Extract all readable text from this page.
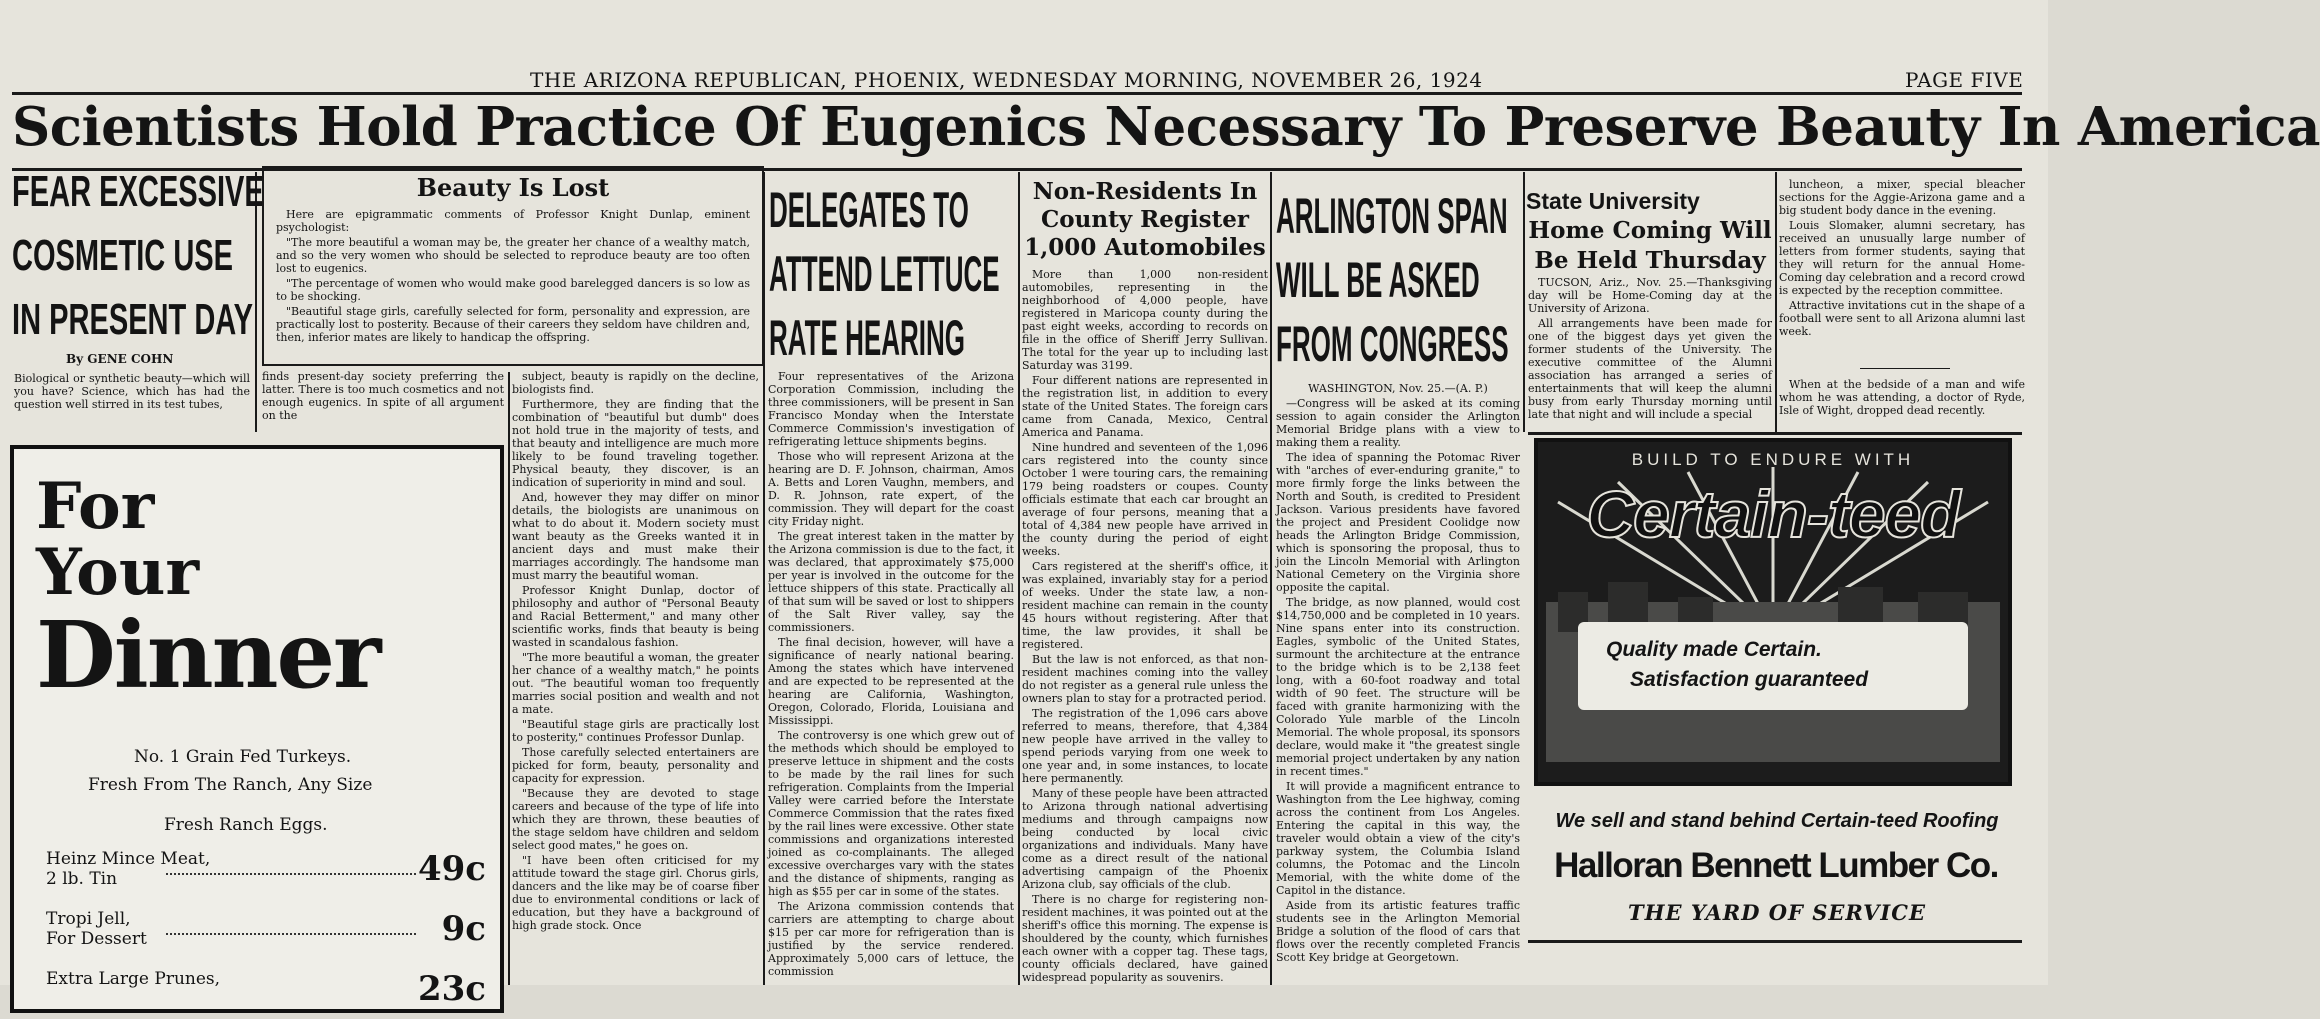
THE ARIZONA REPUBLICAN, PHOENIX, WEDNESDAY MORNING, NOVEMBER 26, 1924	PAGE FIVE
Scientists Hold Practice Of Eugenics Necessary To Preserve Beauty In America
FEAR EXCESSIVE
COSMETIC USE
IN PRESENT DAY
By GENE COHN
Biological or synthetic beauty—which will you have? Science, which has had the question well stirred in its test tubes,
Beauty Is Lost

Here are epigrammatic comments of Professor Knight Dunlap, eminent psychologist:

"The more beautiful a woman may be, the greater her chance of a wealthy match, and so the very women who should be selected to reproduce beauty are too often lost to eugenics.

"The percentage of women who would make good barelegged dancers is so low as to be shocking.

"Beautiful stage girls, carefully selected for form, personality and expression, are practically lost to posterity. Because of their careers they seldom have children and, then, inferior mates are likely to handicap the offspring.

finds present-day society preferring the latter. There is too much cosmetics and not enough eugenics. In spite of all argument on the

subject, beauty is rapidly on the decline, biologists find.

Furthermore, they are finding that the combination of "beautiful but dumb" does not hold true in the majority of tests, and that beauty and intelligence are much more likely to be found traveling together. Physical beauty, they discover, is an indication of superiority in mind and soul.

And, however they may differ on minor details, the biologists are unanimous on what to do about it. Modern society must want beauty as the Greeks wanted it in ancient days and must make their marriages accordingly. The handsome man must marry the beautiful woman.

Professor Knight Dunlap, doctor of philosophy and author of "Personal Beauty and Racial Betterment," and many other scientific works, finds that beauty is being wasted in scandalous fashion.

"The more beautiful a woman, the greater her chance of a wealthy match," he points out. "The beautiful woman too frequently marries social position and wealth and not a mate.

"Beautiful stage girls are practically lost to posterity," continues Professor Dunlap.

Those carefully selected entertainers are picked for form, beauty, personality and capacity for expression.

"Because they are devoted to stage careers and because of the type of life into which they are thrown, these beauties of the stage seldom have children and seldom select good mates," he goes on.

"I have been often criticised for my attitude toward the stage girl. Chorus girls, dancers and the like may be of coarse fiber due to environmental conditions or lack of education, but they have a background of high grade stock. Once

For
Your
Dinner
No. 1 Grain Fed Turkeys.
Fresh From The Ranch, Any Size
Fresh Ranch Eggs.
Heinz Mince Meat,
2 lb. Tin	49c
Tropi Jell,
For Dessert	9c
Extra Large Prunes,	23c
DELEGATES TO
ATTEND LETTUCE
RATE HEARING

Four representatives of the Arizona Corporation Commission, including the three commissioners, will be present in San Francisco Monday when the Interstate Commerce Commission's investigation of refrigerating lettuce shipments begins.

Those who will represent Arizona at the hearing are D. F. Johnson, chairman, Amos A. Betts and Loren Vaughn, members, and D. R. Johnson, rate expert, of the commission. They will depart for the coast city Friday night.

The great interest taken in the matter by the Arizona commission is due to the fact, it was declared, that approximately $75,000 per year is involved in the outcome for the lettuce shippers of this state. Practically all of that sum will be saved or lost to shippers of the Salt River valley, say the commissioners.

The final decision, however, will have a significance of nearly national bearing. Among the states which have intervened and are expected to be represented at the hearing are California, Washington, Oregon, Colorado, Florida, Louisiana and Mississippi.

The controversy is one which grew out of the methods which should be employed to preserve lettuce in shipment and the costs to be made by the rail lines for such refrigeration. Complaints from the Imperial Valley were carried before the Interstate Commerce Commission that the rates fixed by the rail lines were excessive. Other state commissions and organizations interested joined as co-complainants. The alleged excessive overcharges vary with the states and the distance of shipments, ranging as high as $55 per car in some of the states.

The Arizona commission contends that carriers are attempting to charge about $15 per car more for refrigeration than is justified by the service rendered. Approximately 5,000 cars of lettuce, the commission

Non-Residents In
County Register
1,000 Automobiles

More than 1,000 non-resident automobiles, representing in the neighborhood of 4,000 people, have registered in Maricopa county during the past eight weeks, according to records on file in the office of Sheriff Jerry Sullivan. The total for the year up to including last Saturday was 3199.

Four different nations are represented in the registration list, in addition to every state of the United States. The foreign cars came from Canada, Mexico, Central America and Panama.

Nine hundred and seventeen of the 1,096 cars registered into the county since October 1 were touring cars, the remaining 179 being roadsters or coupes. County officials estimate that each car brought an average of four persons, meaning that a total of 4,384 new people have arrived in the county during the period of eight weeks.

Cars registered at the sheriff's office, it was explained, invariably stay for a period of weeks. Under the state law, a non-resident machine can remain in the county 45 hours without registering. After that time, the law provides, it shall be registered.

But the law is not enforced, as that non-resident machines coming into the valley do not register as a general rule unless the owners plan to stay for a protracted period.

The registration of the 1,096 cars above referred to means, therefore, that 4,384 new people have arrived in the valley to spend periods varying from one week to one year and, in some instances, to locate here permanently.

Many of these people have been attracted to Arizona through national advertising mediums and through campaigns now being conducted by local civic organizations and individuals. Many have come as a direct result of the national advertising campaign of the Phoenix Arizona club, say officials of the club.

There is no charge for registering non-resident machines, it was pointed out at the sheriff's office this morning. The expense is shouldered by the county, which furnishes each owner with a copper tag. These tags, county officials declared, have gained widespread popularity as souvenirs.

ARLINGTON SPAN
WILL BE ASKED
FROM CONGRESS
WASHINGTON, Nov. 25.—(A. P.)

—Congress will be asked at its coming session to again consider the Arlington Memorial Bridge plans with a view to making them a reality.

The idea of spanning the Potomac River with "arches of ever-enduring granite," to more firmly forge the links between the North and South, is credited to President Jackson. Various presidents have favored the project and President Coolidge now heads the Arlington Bridge Commission, which is sponsoring the proposal, thus to join the Lincoln Memorial with Arlington National Cemetery on the Virginia shore opposite the capital.

The bridge, as now planned, would cost $14,750,000 and be completed in 10 years. Nine spans enter into its construction. Eagles, symbolic of the United States, surmount the architecture at the entrance to the bridge which is to be 2,138 feet long, with a 60-foot roadway and total width of 90 feet. The structure will be faced with granite harmonizing with the Colorado Yule marble of the Lincoln Memorial. The whole proposal, its sponsors declare, would make it "the greatest single memorial project undertaken by any nation in recent times."

It will provide a magnificent entrance to Washington from the Lee highway, coming across the continent from Los Angeles. Entering the capital in this way, the traveler would obtain a view of the city's parkway system, the Columbia Island columns, the Potomac and the Lincoln Memorial, with the white dome of the Capitol in the distance.

Aside from its artistic features traffic students see in the Arlington Memorial Bridge a solution of the flood of cars that flows over the recently completed Francis Scott Key bridge at Georgetown.

State University
Home Coming Will
Be Held Thursday

TUCSON, Ariz., Nov. 25.—Thanksgiving day will be Home-Coming day at the University of Arizona.

All arrangements have been made for one of the biggest days yet given the former students of the University. The executive committee of the Alumni association has arranged a series of entertainments that will keep the alumni busy from early Thursday morning until late that night and will include a special

luncheon, a mixer, special bleacher sections for the Aggie-Arizona game and a big student body dance in the evening.

Louis Slomaker, alumni secretary, has received an unusually large number of letters from former students, saying that they will return for the annual Home-Coming day celebration and a record crowd is expected by the reception committee.

Attractive invitations cut in the shape of a football were sent to all Arizona alumni last week.

When at the bedside of a man and wife whom he was attending, a doctor of Ryde, Isle of Wight, dropped dead recently.

BUILD TO ENDURE WITH
Certain-teed
Quality made Certain.
Satisfaction guaranteed
We sell and stand behind Certain-teed Roofing
Halloran Bennett Lumber Co.
THE YARD OF SERVICE
